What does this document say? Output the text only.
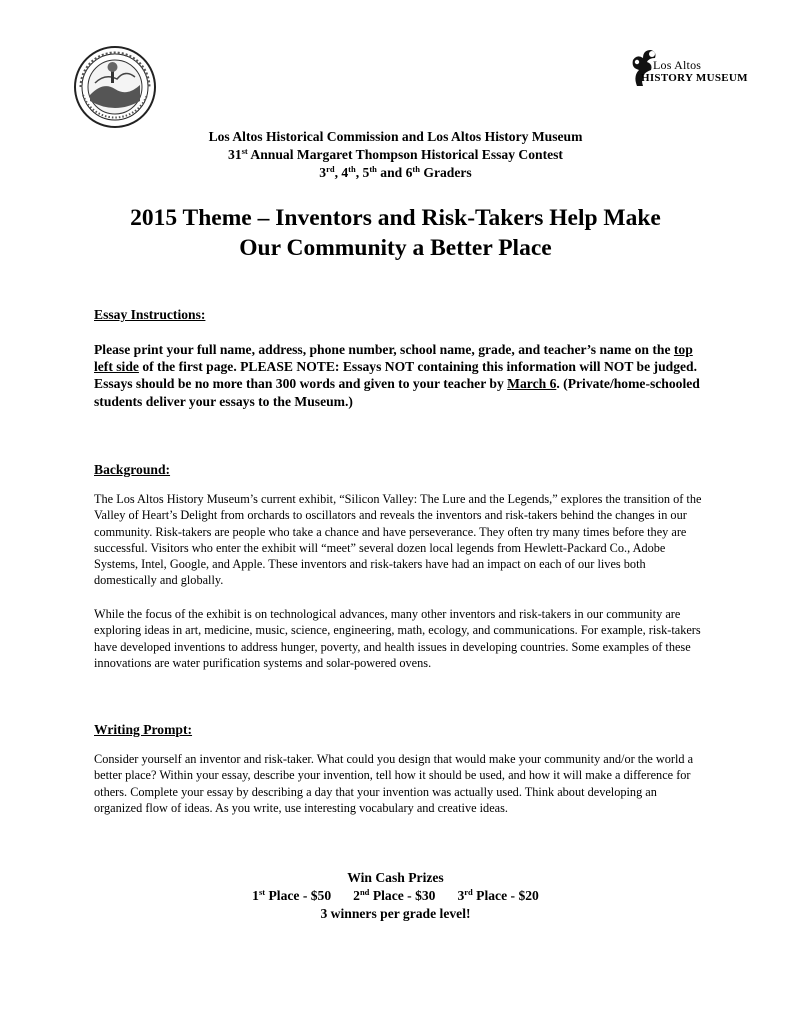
Los Altos
HISTORY MUSEUM
Los Altos Historical Commission and Los Altos History Museum
31st Annual Margaret Thompson Historical Essay Contest
3rd, 4th, 5th and 6th Graders
2015 Theme – Inventors and Risk-Takers Help Make
Our Community a Better Place
Essay Instructions:
Please print your full name, address, phone number, school name, grade, and teacher’s name on the top left side of the first page. PLEASE NOTE: Essays NOT containing this information will NOT be judged. Essays should be no more than 300 words and given to your teacher by March 6. (Private/home-schooled students deliver your essays to the Museum.)
Background:
The Los Altos History Museum’s current exhibit, “Silicon Valley: The Lure and the Legends,” explores the transition of the Valley of Heart’s Delight from orchards to oscillators and reveals the inventors and risk-takers behind the changes in our community. Risk-takers are people who take a chance and have perseverance. They often try many times before they are successful. Visitors who enter the exhibit will “meet” several dozen local legends from Hewlett-Packard Co., Adobe Systems, Intel, Google, and Apple. These inventors and risk-takers have had an impact on each of our lives both domestically and globally.
While the focus of the exhibit is on technological advances, many other inventors and risk-takers in our community are exploring ideas in art, medicine, music, science, engineering, math, ecology, and communications. For example, risk-takers have developed inventions to address hunger, poverty, and health issues in developing countries. Some examples of these innovations are water purification systems and solar-powered ovens.
Writing Prompt:
Consider yourself an inventor and risk-taker. What could you design that would make your community and/or the world a better place? Within your essay, describe your invention, tell how it should be used, and how it will make a difference for others. Complete your essay by describing a day that your invention was actually used. Think about developing an organized flow of ideas. As you write, use interesting vocabulary and creative ideas.
Win Cash Prizes
1st Place - $50 2nd Place - $30 3rd Place - $20
3 winners per grade level!
